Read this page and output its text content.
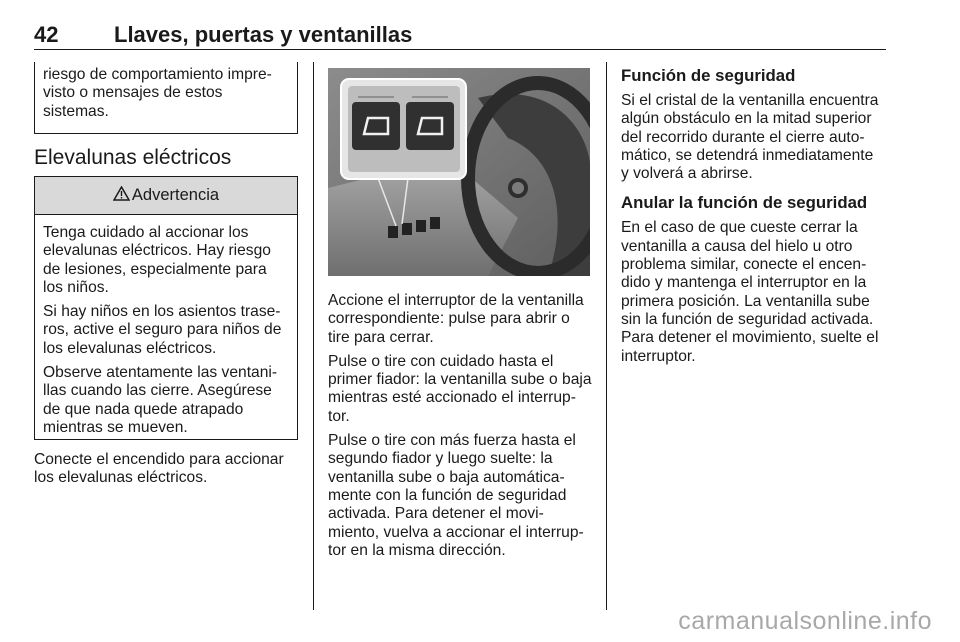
42	Llaves, puertas y ventanillas

riesgo de comportamiento impre-
visto o mensajes de estos
sistemas.

Elevalunas eléctricos
Advertencia

Tenga cuidado al accionar los
elevalunas eléctricos. Hay riesgo
de lesiones, especialmente para
los niños.

Si hay niños en los asientos trase-
ros, active el seguro para niños de
los elevalunas eléctricos.

Observe atentamente las ventani-
llas cuando las cierre. Asegúrese
de que nada quede atrapado
mientras se mueven.

Conecte el encendido para accionar
los elevalunas eléctricos.

Accione el interruptor de la ventanilla
correspondiente: pulse para abrir o
tire para cerrar.

Pulse o tire con cuidado hasta el
primer fiador: la ventanilla sube o baja
mientras esté accionado el interrup-
tor.

Pulse o tire con más fuerza hasta el
segundo fiador y luego suelte: la
ventanilla sube o baja automática-
mente con la función de seguridad
activada. Para detener el movi-
miento, vuelva a accionar el interrup-
tor en la misma dirección.

Función de seguridad

Si el cristal de la ventanilla encuentra
algún obstáculo en la mitad superior
del recorrido durante el cierre auto-
mático, se detendrá inmediatamente
y volverá a abrirse.

Anular la función de seguridad

En el caso de que cueste cerrar la
ventanilla a causa del hielo u otro
problema similar, conecte el encen-
dido y mantenga el interruptor en la
primera posición. La ventanilla sube
sin la función de seguridad activada.
Para detener el movimiento, suelte el
interruptor.

carmanualsonline.info
